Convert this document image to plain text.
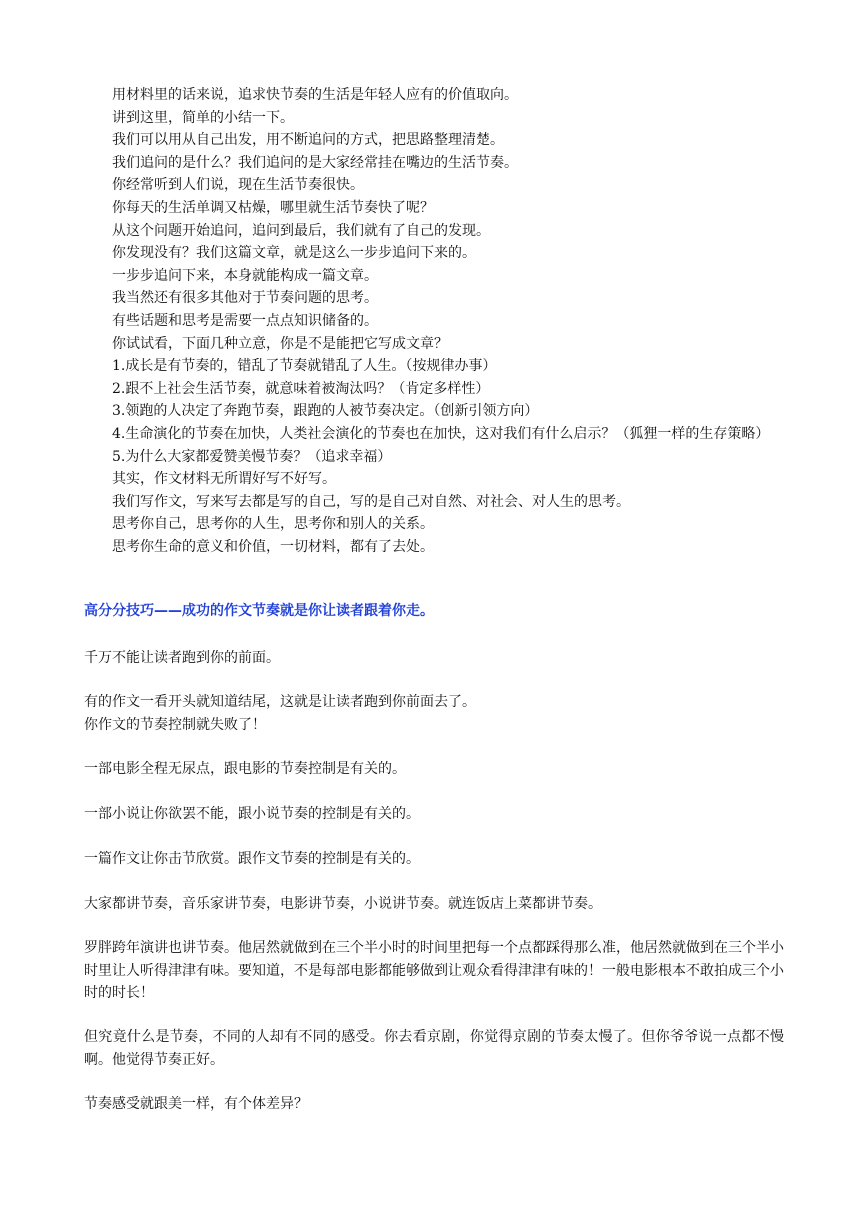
用材料里的话来说，追求快节奏的生活是年轻人应有的价值取向。

讲到这里，简单的小结一下。

我们可以用从自己出发，用不断追问的方式，把思路整理清楚。

我们追问的是什么？我们追问的是大家经常挂在嘴边的生活节奏。

你经常听到人们说，现在生活节奏很快。

你每天的生活单调又枯燥，哪里就生活节奏快了呢？

从这个问题开始追问，追问到最后，我们就有了自己的发现。

你发现没有？我们这篇文章，就是这么一步步追问下来的。

一步步追问下来，本身就能构成一篇文章。

我当然还有很多其他对于节奏问题的思考。

有些话题和思考是需要一点点知识储备的。

你试试看，下面几种立意，你是不是能把它写成文章？

1.成长是有节奏的，错乱了节奏就错乱了人生。（按规律办事）

2.跟不上社会生活节奏，就意味着被淘汰吗？（肯定多样性）

3.领跑的人决定了奔跑节奏，跟跑的人被节奏决定。（创新引领方向）

4.生命演化的节奏在加快，人类社会演化的节奏也在加快，这对我们有什么启示？（狐狸一样的生存策略）

5.为什么大家都爱赞美慢节奏？（追求幸福）

其实，作文材料无所谓好写不好写。

我们写作文，写来写去都是写的自己，写的是自己对自然、对社会、对人生的思考。

思考你自己，思考你的人生，思考你和别人的关系。

思考你生命的意义和价值，一切材料，都有了去处。

高分分技巧——成功的作文节奏就是你让读者跟着你走。

千万不能让读者跑到你的前面。

有的作文一看开头就知道结尾，这就是让读者跑到你前面去了。

你作文的节奏控制就失败了！

一部电影全程无尿点，跟电影的节奏控制是有关的。

一部小说让你欲罢不能，跟小说节奏的控制是有关的。

一篇作文让你击节欣赏。跟作文节奏的控制是有关的。

大家都讲节奏，音乐家讲节奏，电影讲节奏，小说讲节奏。就连饭店上菜都讲节奏。

罗胖跨年演讲也讲节奏。他居然就做到在三个半小时的时间里把每一个点都踩得那么准，他居然就做到在三个半小时里让人听得津津有味。要知道，不是每部电影都能够做到让观众看得津津有味的！一般电影根本不敢拍成三个小时的时长！

但究竟什么是节奏，不同的人却有不同的感受。你去看京剧，你觉得京剧的节奏太慢了。但你爷爷说一点都不慢啊。他觉得节奏正好。

节奏感受就跟美一样，有个体差异？
